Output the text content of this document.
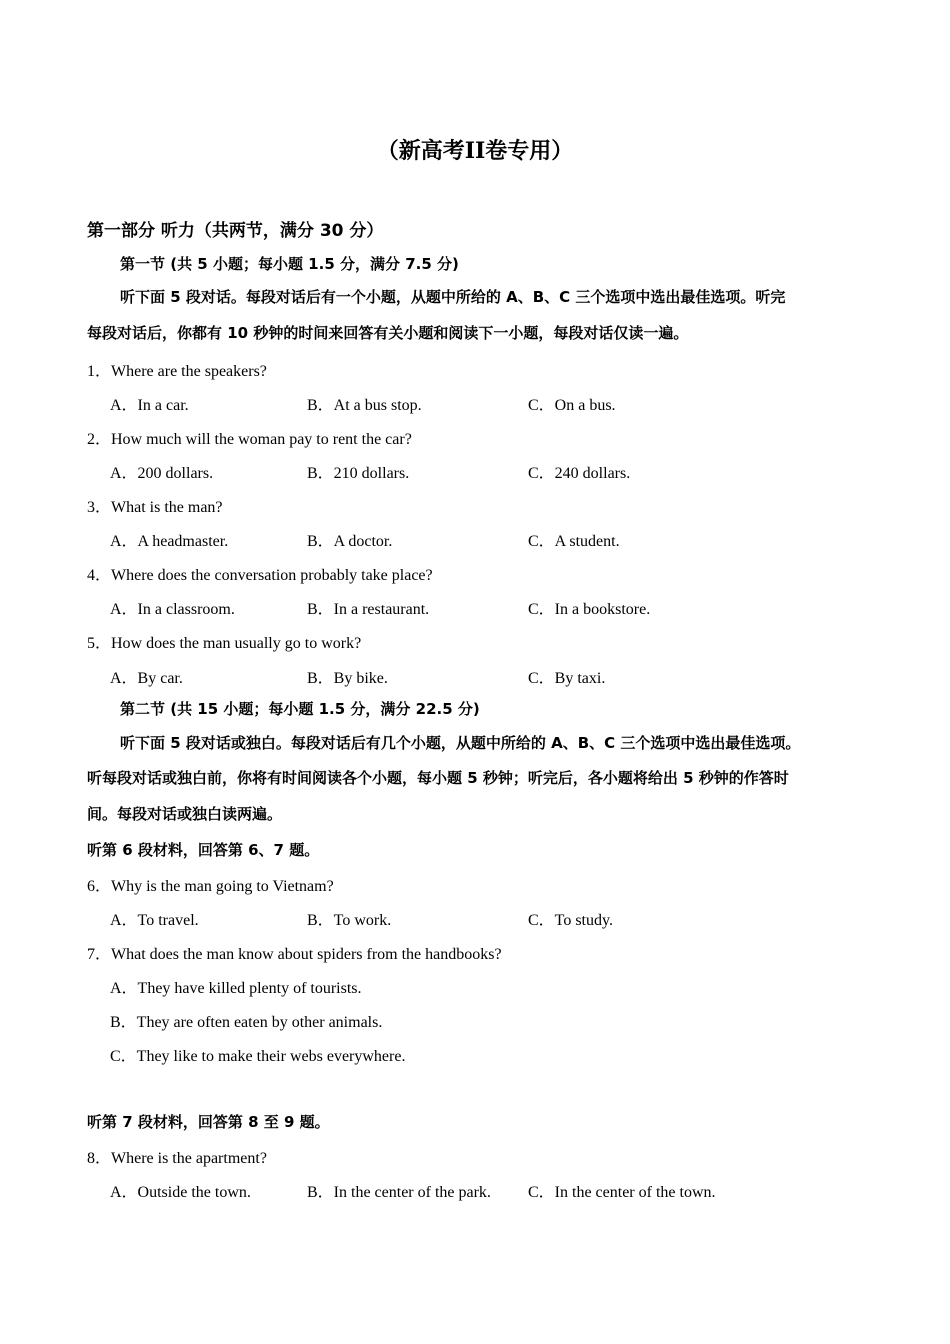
（新高考II卷专用）
第一部分 听力（共两节，满分 30 分）
第一节 (共 5 小题；每小题 1.5 分，满分 7.5 分)
听下面 5 段对话。每段对话后有一个小题，从题中所给的 A、B、C 三个选项中选出最佳选项。听完
每段对话后，你都有 10 秒钟的时间来回答有关小题和阅读下一小题，每段对话仅读一遍。
1．Where are the speakers?
A．In a car.	B．At a bus stop.	C．On a bus.
2．How much will the woman pay to rent the car?
A．200 dollars.	B．210 dollars.	C．240 dollars.
3．What is the man?
A．A headmaster.	B．A doctor.	C．A student.
4．Where does the conversation probably take place?
A．In a classroom.	B．In a restaurant.	C．In a bookstore.
5．How does the man usually go to work?
A．By car.	B．By bike.	C．By taxi.
第二节 (共 15 小题；每小题 1.5 分，满分 22.5 分)
听下面 5 段对话或独白。每段对话后有几个小题，从题中所给的 A、B、C 三个选项中选出最佳选项。
听每段对话或独白前，你将有时间阅读各个小题，每小题 5 秒钟；听完后，各小题将给出 5 秒钟的作答时
间。每段对话或独白读两遍。
听第 6 段材料，回答第 6、7 题。
6．Why is the man going to Vietnam?
A．To travel.	B．To work.	C．To study.
7．What does the man know about spiders from the handbooks?
A．They have killed plenty of tourists.
B．They are often eaten by other animals.
C．They like to make their webs everywhere.
听第 7 段材料，回答第 8 至 9 题。
8．Where is the apartment?
A．Outside the town.	B．In the center of the park. C．In the center of the town.
